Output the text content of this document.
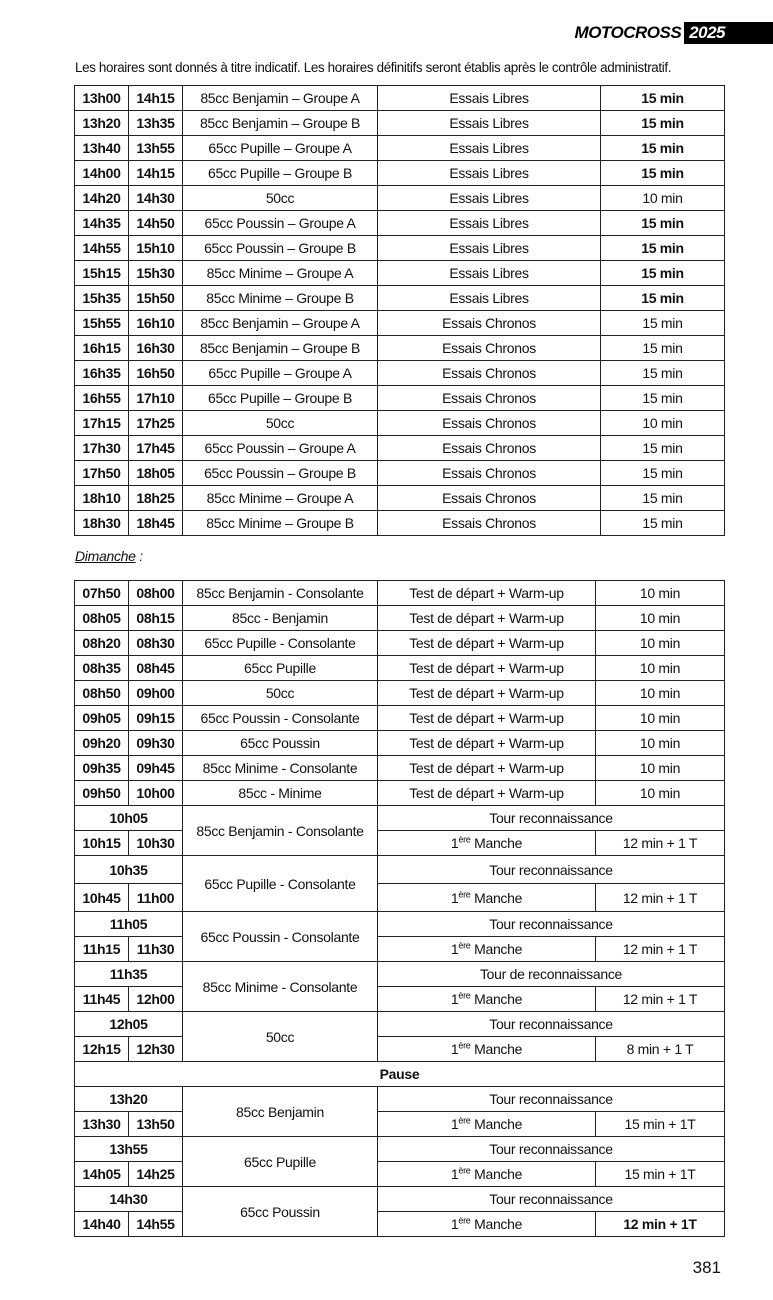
MOTOCROSS 2025
Les horaires sont donnés à titre indicatif. Les horaires définitifs seront établis après le contrôle administratif.
13h00	14h15	85cc Benjamin – Groupe A	Essais Libres	15 min
13h20	13h35	85cc Benjamin – Groupe B	Essais Libres	15 min
13h40	13h55	65cc Pupille – Groupe A	Essais Libres	15 min
14h00	14h15	65cc Pupille – Groupe B	Essais Libres	15 min
14h20	14h30	50cc	Essais Libres	10 min
14h35	14h50	65cc Poussin – Groupe A	Essais Libres	15 min
14h55	15h10	65cc Poussin – Groupe B	Essais Libres	15 min
15h15	15h30	85cc Minime – Groupe A	Essais Libres	15 min
15h35	15h50	85cc Minime – Groupe B	Essais Libres	15 min
15h55	16h10	85cc Benjamin – Groupe A	Essais Chronos	15 min
16h15	16h30	85cc Benjamin – Groupe B	Essais Chronos	15 min
16h35	16h50	65cc Pupille – Groupe A	Essais Chronos	15 min
16h55	17h10	65cc Pupille – Groupe B	Essais Chronos	15 min
17h15	17h25	50cc	Essais Chronos	10 min
17h30	17h45	65cc Poussin – Groupe A	Essais Chronos	15 min
17h50	18h05	65cc Poussin – Groupe B	Essais Chronos	15 min
18h10	18h25	85cc Minime – Groupe A	Essais Chronos	15 min
18h30	18h45	85cc Minime – Groupe B	Essais Chronos	15 min
Dimanche :
07h50	08h00	85cc Benjamin - Consolante	Test de départ + Warm-up	10 min
08h05	08h15	85cc - Benjamin	Test de départ + Warm-up	10 min
08h20	08h30	65cc Pupille - Consolante	Test de départ + Warm-up	10 min
08h35	08h45	65cc Pupille	Test de départ + Warm-up	10 min
08h50	09h00	50cc	Test de départ + Warm-up	10 min
09h05	09h15	65cc Poussin - Consolante	Test de départ + Warm-up	10 min
09h20	09h30	65cc Poussin	Test de départ + Warm-up	10 min
09h35	09h45	85cc Minime - Consolante	Test de départ + Warm-up	10 min
09h50	10h00	85cc - Minime	Test de départ + Warm-up	10 min
10h05		85cc Benjamin - Consolante	Tour reconnaissance	
10h15	10h30		1ère Manche	12 min + 1 T
10h35		65cc Pupille - Consolante	Tour reconnaissance	
10h45	11h00		1ère Manche	12 min + 1 T
11h05		65cc Poussin - Consolante	Tour reconnaissance	
11h15	11h30		1ère Manche	12 min + 1 T
11h35		85cc Minime - Consolante	Tour de reconnaissance	
11h45	12h00		1ère Manche	12 min + 1 T
12h05		50cc	Tour reconnaissance	
12h15	12h30		1ère Manche	8 min + 1 T
Pause				
13h20		85cc Benjamin	Tour reconnaissance	
13h30	13h50		1ère Manche	15 min + 1T
13h55		65cc Pupille	Tour reconnaissance	
14h05	14h25		1ère Manche	15 min + 1T
14h30		65cc Poussin	Tour reconnaissance	
14h40	14h55		1ère Manche	12 min + 1T
381
